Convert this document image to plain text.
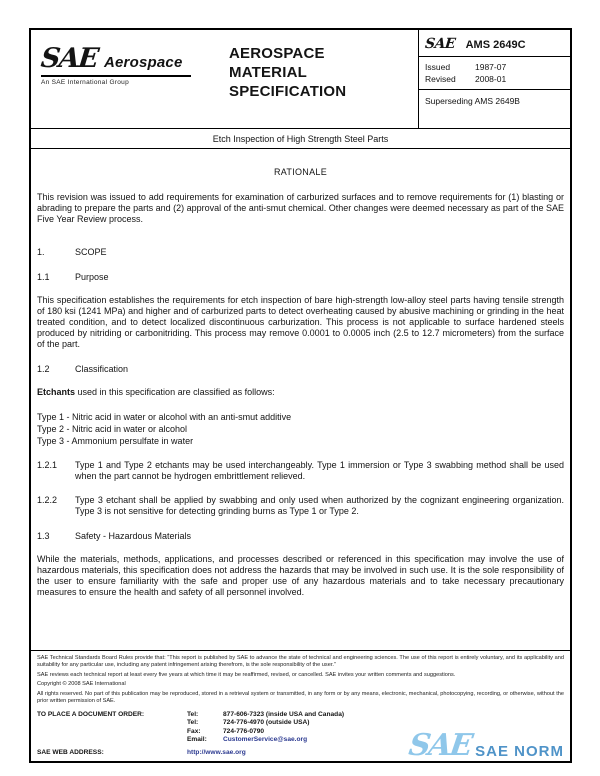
SAE Aerospace
An SAE International Group
AEROSPACE
MATERIAL
SPECIFICATION
SAE AMS 2649C
Issued	1987-07
Revised	2008-01
Superseding AMS 2649B
Etch Inspection of High Strength Steel Parts
RATIONALE

This revision was issued to add requirements for examination of carburized surfaces and to remove requirements for (1) blasting or abrading to prepare the parts and (2) approval of the anti-smut chemical. Other changes were deemed necessary as part of the SAE Five Year Review process.

1.	SCOPE
1.1	Purpose

This specification establishes the requirements for etch inspection of bare high-strength low-alloy steel parts having tensile strength of 180 ksi (1241 MPa) and higher and of carburized parts to detect overheating caused by abusive machining or grinding in the heat treated condition, and to detect localized discontinuous carburization. This process is not applicable to surface hardened steels produced by nitriding or carbonitriding. This process may remove 0.0001 to 0.0005 inch (2.5 to 12.7 micrometers) from the surface of the part.

1.2	Classification

Etchants used in this specification are classified as follows:

Type 1 - Nitric acid in water or alcohol with an anti-smut additive
Type 2 - Nitric acid in water or alcohol
Type 3 - Ammonium persulfate in water
1.2.1	Type 1 and Type 2 etchants may be used interchangeably. Type 1 immersion or Type 3 swabbing method shall be used when the part cannot be hydrogen embrittlement relieved.
1.2.2	Type 3 etchant shall be applied by swabbing and only used when authorized by the cognizant engineering organization. Type 3 is not sensitive for detecting grinding burns as Type 1 or Type 2.
1.3	Safety - Hazardous Materials

While the materials, methods, applications, and processes described or referenced in this specification may involve the use of hazardous materials, this specification does not address the hazards that may be involved in such use. It is the sole responsibility of the user to ensure familiarity with the safe and proper use of any hazardous materials and to take necessary precautionary measures to ensure the health and safety of all personnel involved.

SAE Technical Standards Board Rules provide that: “This report is published by SAE to advance the state of technical and engineering sciences. The use of this report is entirely voluntary, and its applicability and suitability for any particular use, including any patent infringement arising therefrom, is the sole responsibility of the user.”

SAE reviews each technical report at least every five years at which time it may be reaffirmed, revised, or cancelled. SAE invites your written comments and suggestions.

Copyright © 2008 SAE International

All rights reserved. No part of this publication may be reproduced, stored in a retrieval system or transmitted, in any form or by any means, electronic, mechanical, photocopying, recording, or otherwise, without the prior written permission of SAE.

TO PLACE A DOCUMENT ORDER:	Tel:	877-606-7323 (inside USA and Canada)
Tel:	724-776-4970 (outside USA)
Fax:	724-776-0790
Email:	CustomerService@sae.org
SAE WEB ADDRESS:	http://www.sae.org	SAE SAE NORM
